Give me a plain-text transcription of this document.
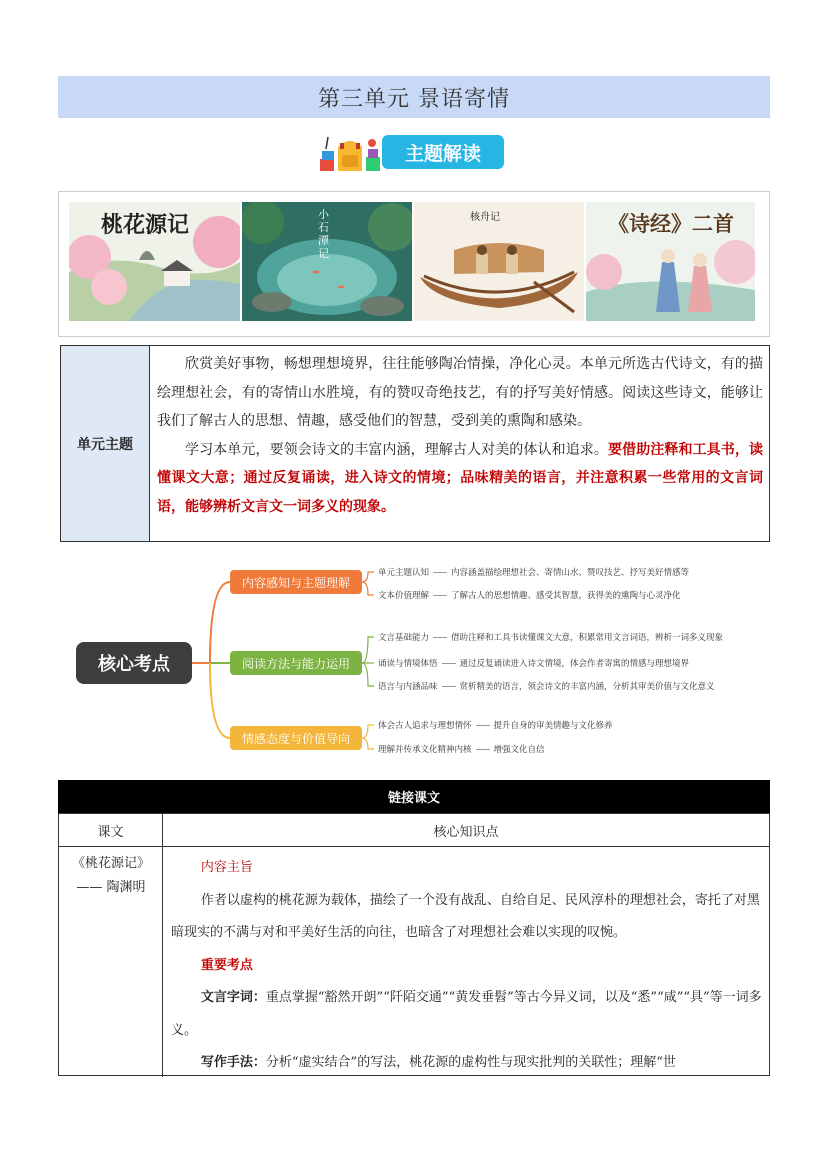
第三单元 景语寄情
主题解读
桃花源记	小石潭记
核舟记	《诗经》二首
单元主题

欣赏美好事物，畅想理想境界，往往能够陶冶情操，净化心灵。本单元所选古代诗文，有的描绘理想社会，有的寄情山水胜境，有的赞叹奇绝技艺，有的抒写美好情感。阅读这些诗文，能够让我们了解古人的思想、情趣，感受他们的智慧，受到美的熏陶和感染。

学习本单元，要领会诗文的丰富内涵，理解古人对美的体认和追求。要借助注释和工具书，读懂课文大意；通过反复诵读，进入诗文的情境；品味精美的语言，并注意积累一些常用的文言词语，能够辨析文言文一词多义的现象。

核心考点
内容感知与主题理解
阅读方法与能力运用
情感态度与价值导向
单元主题认知	内容涵盖描绘理想社会、寄情山水、赞叹技艺、抒写美好情感等
文本价值理解	了解古人的思想情趣、感受其智慧，获得美的熏陶与心灵净化
文言基础能力	借助注释和工具书读懂课文大意，积累常用文言词语，辨析一词多义现象
诵读与情境体悟	通过反复诵读进入诗文情境，体会作者寄寓的情感与理想境界
语言与内涵品味	赏析精美的语言，领会诗文的丰富内涵，分析其审美价值与文化意义
体会古人追求与理想情怀	提升自身的审美情趣与文化修养
理解并传承文化精神内核	增强文化自信
链接课文
课文	核心知识点
《桃花源记》
—— 陶渊明

内容主旨

作者以虚构的桃花源为载体，描绘了一个没有战乱、自给自足、民风淳朴的理想社会，寄托了对黑暗现实的不满与对和平美好生活的向往，也暗含了对理想社会难以实现的叹惋。

重要考点

文言字词：重点掌握“豁然开朗”“阡陌交通”“黄发垂髫”等古今异义词，以及“悉”“咸”“具”等一词多义。

写作手法：分析“虚实结合”的写法，桃花源的虚构性与现实批判的关联性；理解“世
